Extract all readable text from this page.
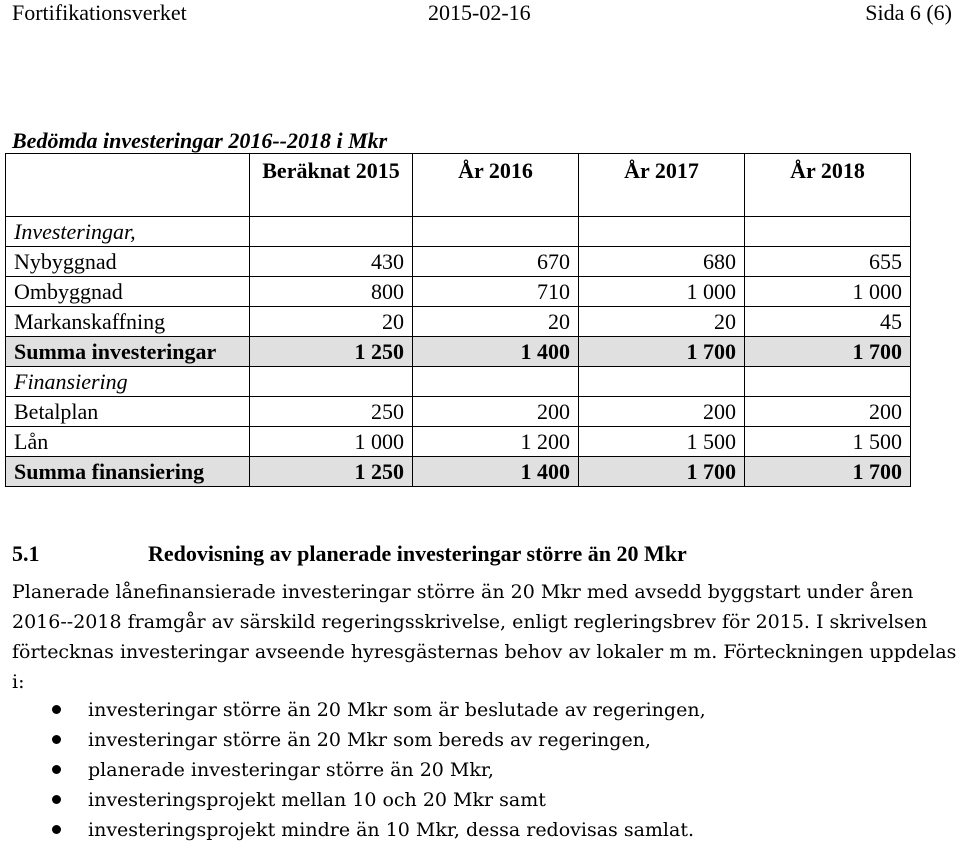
Fortifikationsverket	2015-02-16	Sida 6 (6)
Bedömda investeringar 2016--2018 i Mkr
	Beräknat 2015	År 2016	År 2017	År 2018
Investeringar,				
Nybyggnad	430	670	680	655
Ombyggnad	800	710	1 000	1 000
Markanskaffning	20	20	20	45
Summa investeringar	1 250	1 400	1 700	1 700
Finansiering				
Betalplan	250	200	200	200
Lån	1 000	1 200	1 500	1 500
Summa finansiering	1 250	1 400	1 700	1 700
5.1	Redovisning av planerade investeringar större än 20 Mkr
Planerade lånefinansierade investeringar större än 20 Mkr med avsedd byggstart under åren 2016--2018 framgår av särskild regeringsskrivelse, enligt regleringsbrev för 2015. I skrivelsen förtecknas investeringar avseende hyresgästernas behov av lokaler m m. Förteckningen uppdelas i:
investeringar större än 20 Mkr som är beslutade av regeringen,
investeringar större än 20 Mkr som bereds av regeringen,
planerade investeringar större än 20 Mkr,
investeringsprojekt mellan 10 och 20 Mkr samt
investeringsprojekt mindre än 10 Mkr, dessa redovisas samlat.
